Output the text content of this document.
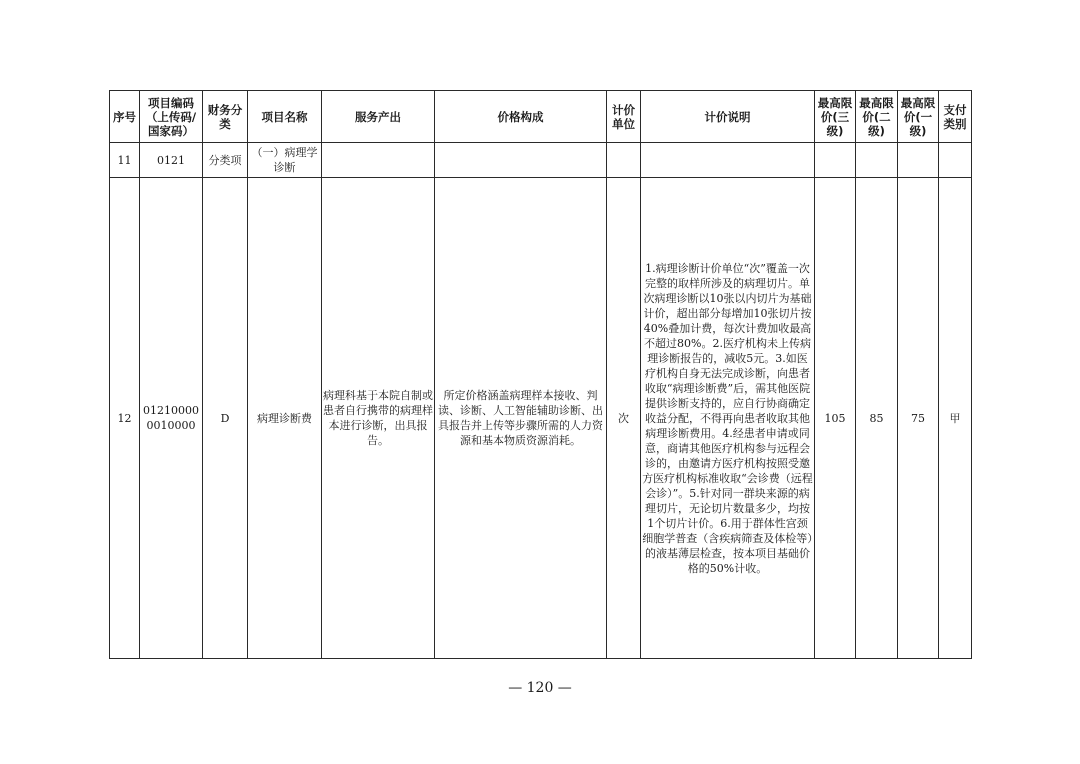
序号	项目编码（上传码/国家码）	财务分类	项目名称	服务产出	价格构成	计价单位	计价说明	最高限价(三级)	最高限价(二级)	最高限价(一级)	支付类别
11	0121	分类项	（一）病理学诊断								
12	012100000010000	D	病理诊断费	病理科基于本院自制或患者自行携带的病理样本进行诊断，出具报告。	所定价格涵盖病理样本接收、判读、诊断、人工智能辅助诊断、出具报告并上传等步骤所需的人力资源和基本物质资源消耗。	次	1.病理诊断计价单位“次”覆盖一次完整的取样所涉及的病理切片。单次病理诊断以10张以内切片为基础计价，超出部分每增加10张切片按40%叠加计费，每次计费加收最高不超过80%。2.医疗机构未上传病理诊断报告的，减收5元。3.如医疗机构自身无法完成诊断，向患者收取“病理诊断费”后，需其他医院提供诊断支持的，应自行协商确定收益分配，不得再向患者收取其他病理诊断费用。4.经患者申请或同意，商请其他医疗机构参与远程会诊的，由邀请方医疗机构按照受邀方医疗机构标准收取“会诊费（远程会诊）”。5.针对同一群块来源的病理切片，无论切片数量多少，均按1个切片计价。6.用于群体性宫颈细胞学普查（含疾病筛查及体检等）的液基薄层检查，按本项目基础价格的50%计收。	105	85	75	甲
— 120 —
